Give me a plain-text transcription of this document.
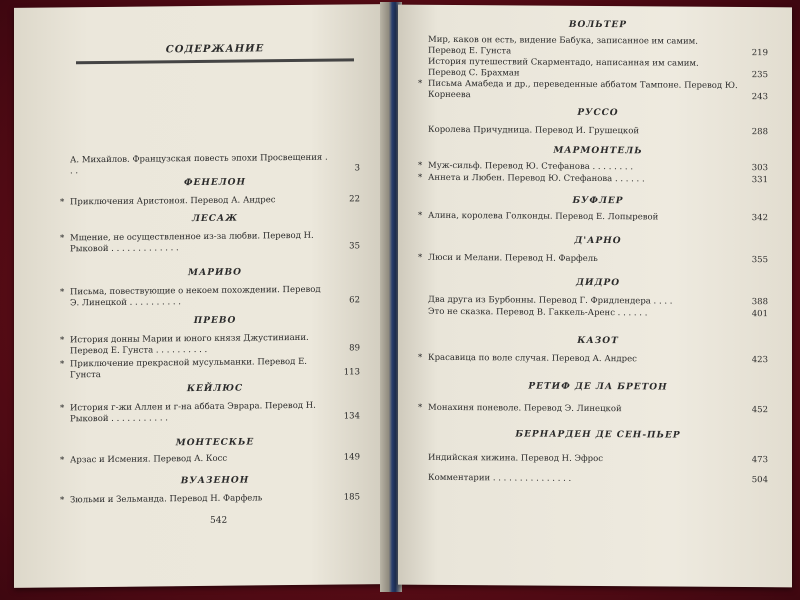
СОДЕРЖАНИЕ
А. Михайлов. Французская повесть эпохи Просвещения . . .	3
ФЕНЕЛОН
* Приключения Аристоноя. Перевод А. Андрес	22
ЛЕСАЖ
* Мщение, не осуществленное из-за любви. Перевод Н. Рыковой . . . . . . . . . . . . .	35
МАРИВО
* Письма, повествующие о некоем похождении. Перевод Э. Линецкой . . . . . . . . . .	62
ПРЕВО
* История донны Марии и юного князя Джустиниани. Перевод Е. Гунста . . . . . . . . . .	89
* Приключение прекрасной мусульманки. Перевод Е. Гунста	113
КЕЙЛЮС
* История г-жи Аллен и г-на аббата Эврара. Перевод Н. Рыковой . . . . . . . . . . .	134
МОНТЕСКЬЕ
* Арзас и Исмения. Перевод А. Косс	149
ВУАЗЕНОН
* Зюльми и Зельманда. Перевод Н. Фарфель	185
542
ВОЛЬТЕР
Мир, каков он есть, видение Бабука, записанное им самим. Перевод Е. Гунста	219
История путешествий Скарментадо, написанная им самим. Перевод С. Брахман	235
* Письма Амабеда и др., переведенные аббатом Тампоне. Перевод Ю. Корнеева	243
РУССО
Королева Причудница. Перевод И. Грушецкой	288
МАРМОНТЕЛЬ
* Муж-сильф. Перевод Ю. Стефанова . . . . . . . .	303
* Аннета и Любен. Перевод Ю. Стефанова . . . . . .	331
БУФЛЕР
* Алина, королева Голконды. Перевод Е. Лопыревой	342
Д'АРНО
* Люси и Мелани. Перевод Н. Фарфель	355
ДИДРО
Два друга из Бурбонны. Перевод Г. Фридлендера . . . .	388
Это не сказка. Перевод В. Гаккель-Аренс . . . . . .	401
КАЗОТ
* Красавица по воле случая. Перевод А. Андрес	423
РЕТИФ ДЕ ЛА БРЕТОН
* Монахиня поневоле. Перевод Э. Линецкой	452
БЕРНАРДЕН ДЕ СЕН-ПЬЕР
Индийская хижина. Перевод Н. Эфрос	473
Комментарии . . . . . . . . . . . . . . .	504
